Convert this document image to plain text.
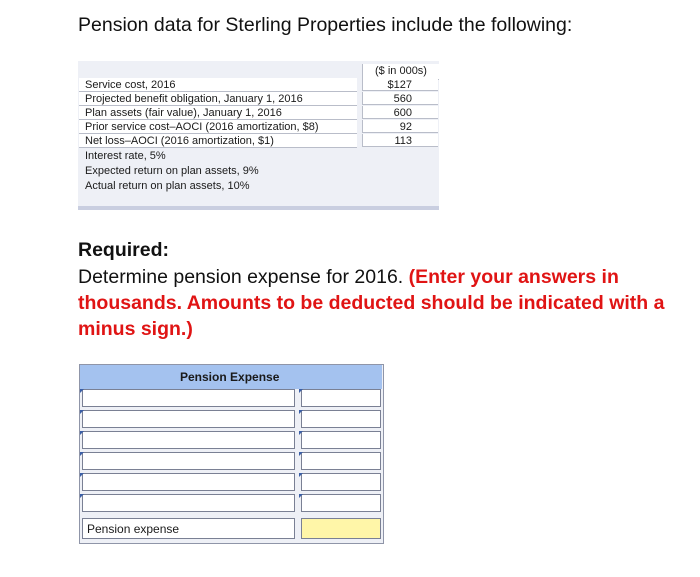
Pension data for Sterling Properties include the following:
($ in 000s)
Service cost, 2016	$127
Projected benefit obligation, January 1, 2016	560
Plan assets (fair value), January 1, 2016	600
Prior service cost–AOCI (2016 amortization, $8)	92
Net loss–AOCI (2016 amortization, $1)	113
Interest rate, 5%
Expected return on plan assets, 9%
Actual return on plan assets, 10%
Required:
Determine pension expense for 2016. (Enter your answers in thousands. Amounts to be deducted should be indicated with a minus sign.)
Pension Expense
Pension expense
